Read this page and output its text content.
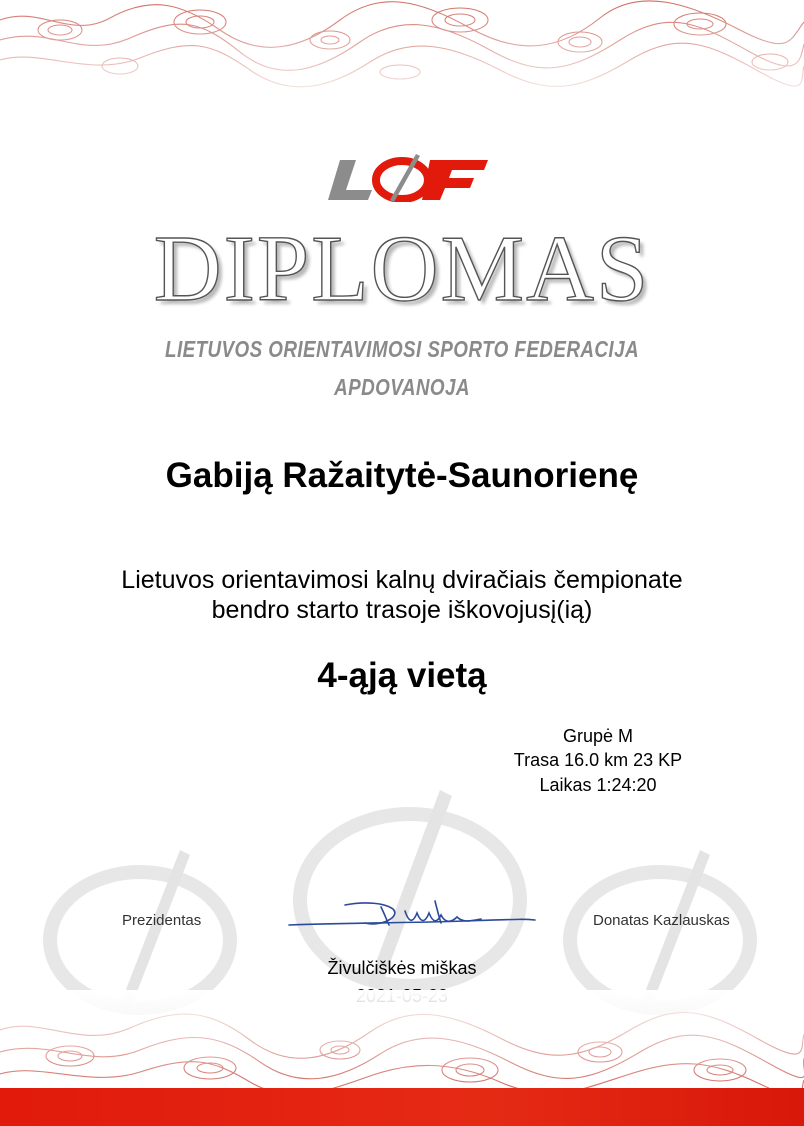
DIPLOMAS
LIETUVOS ORIENTAVIMOSI SPORTO FEDERACIJA
APDOVANOJA
Gabiją Ražaitytė-Saunorienę
Lietuvos orientavimosi kalnų dviračiais čempionate
bendro starto trasoje iškovojusį(ią)
4-ąją vietą
Grupė M
Trasa 16.0 km 23 KP
Laikas 1:24:20
Prezidentas	Donatas Kazlauskas
Živulčiškės miškas
